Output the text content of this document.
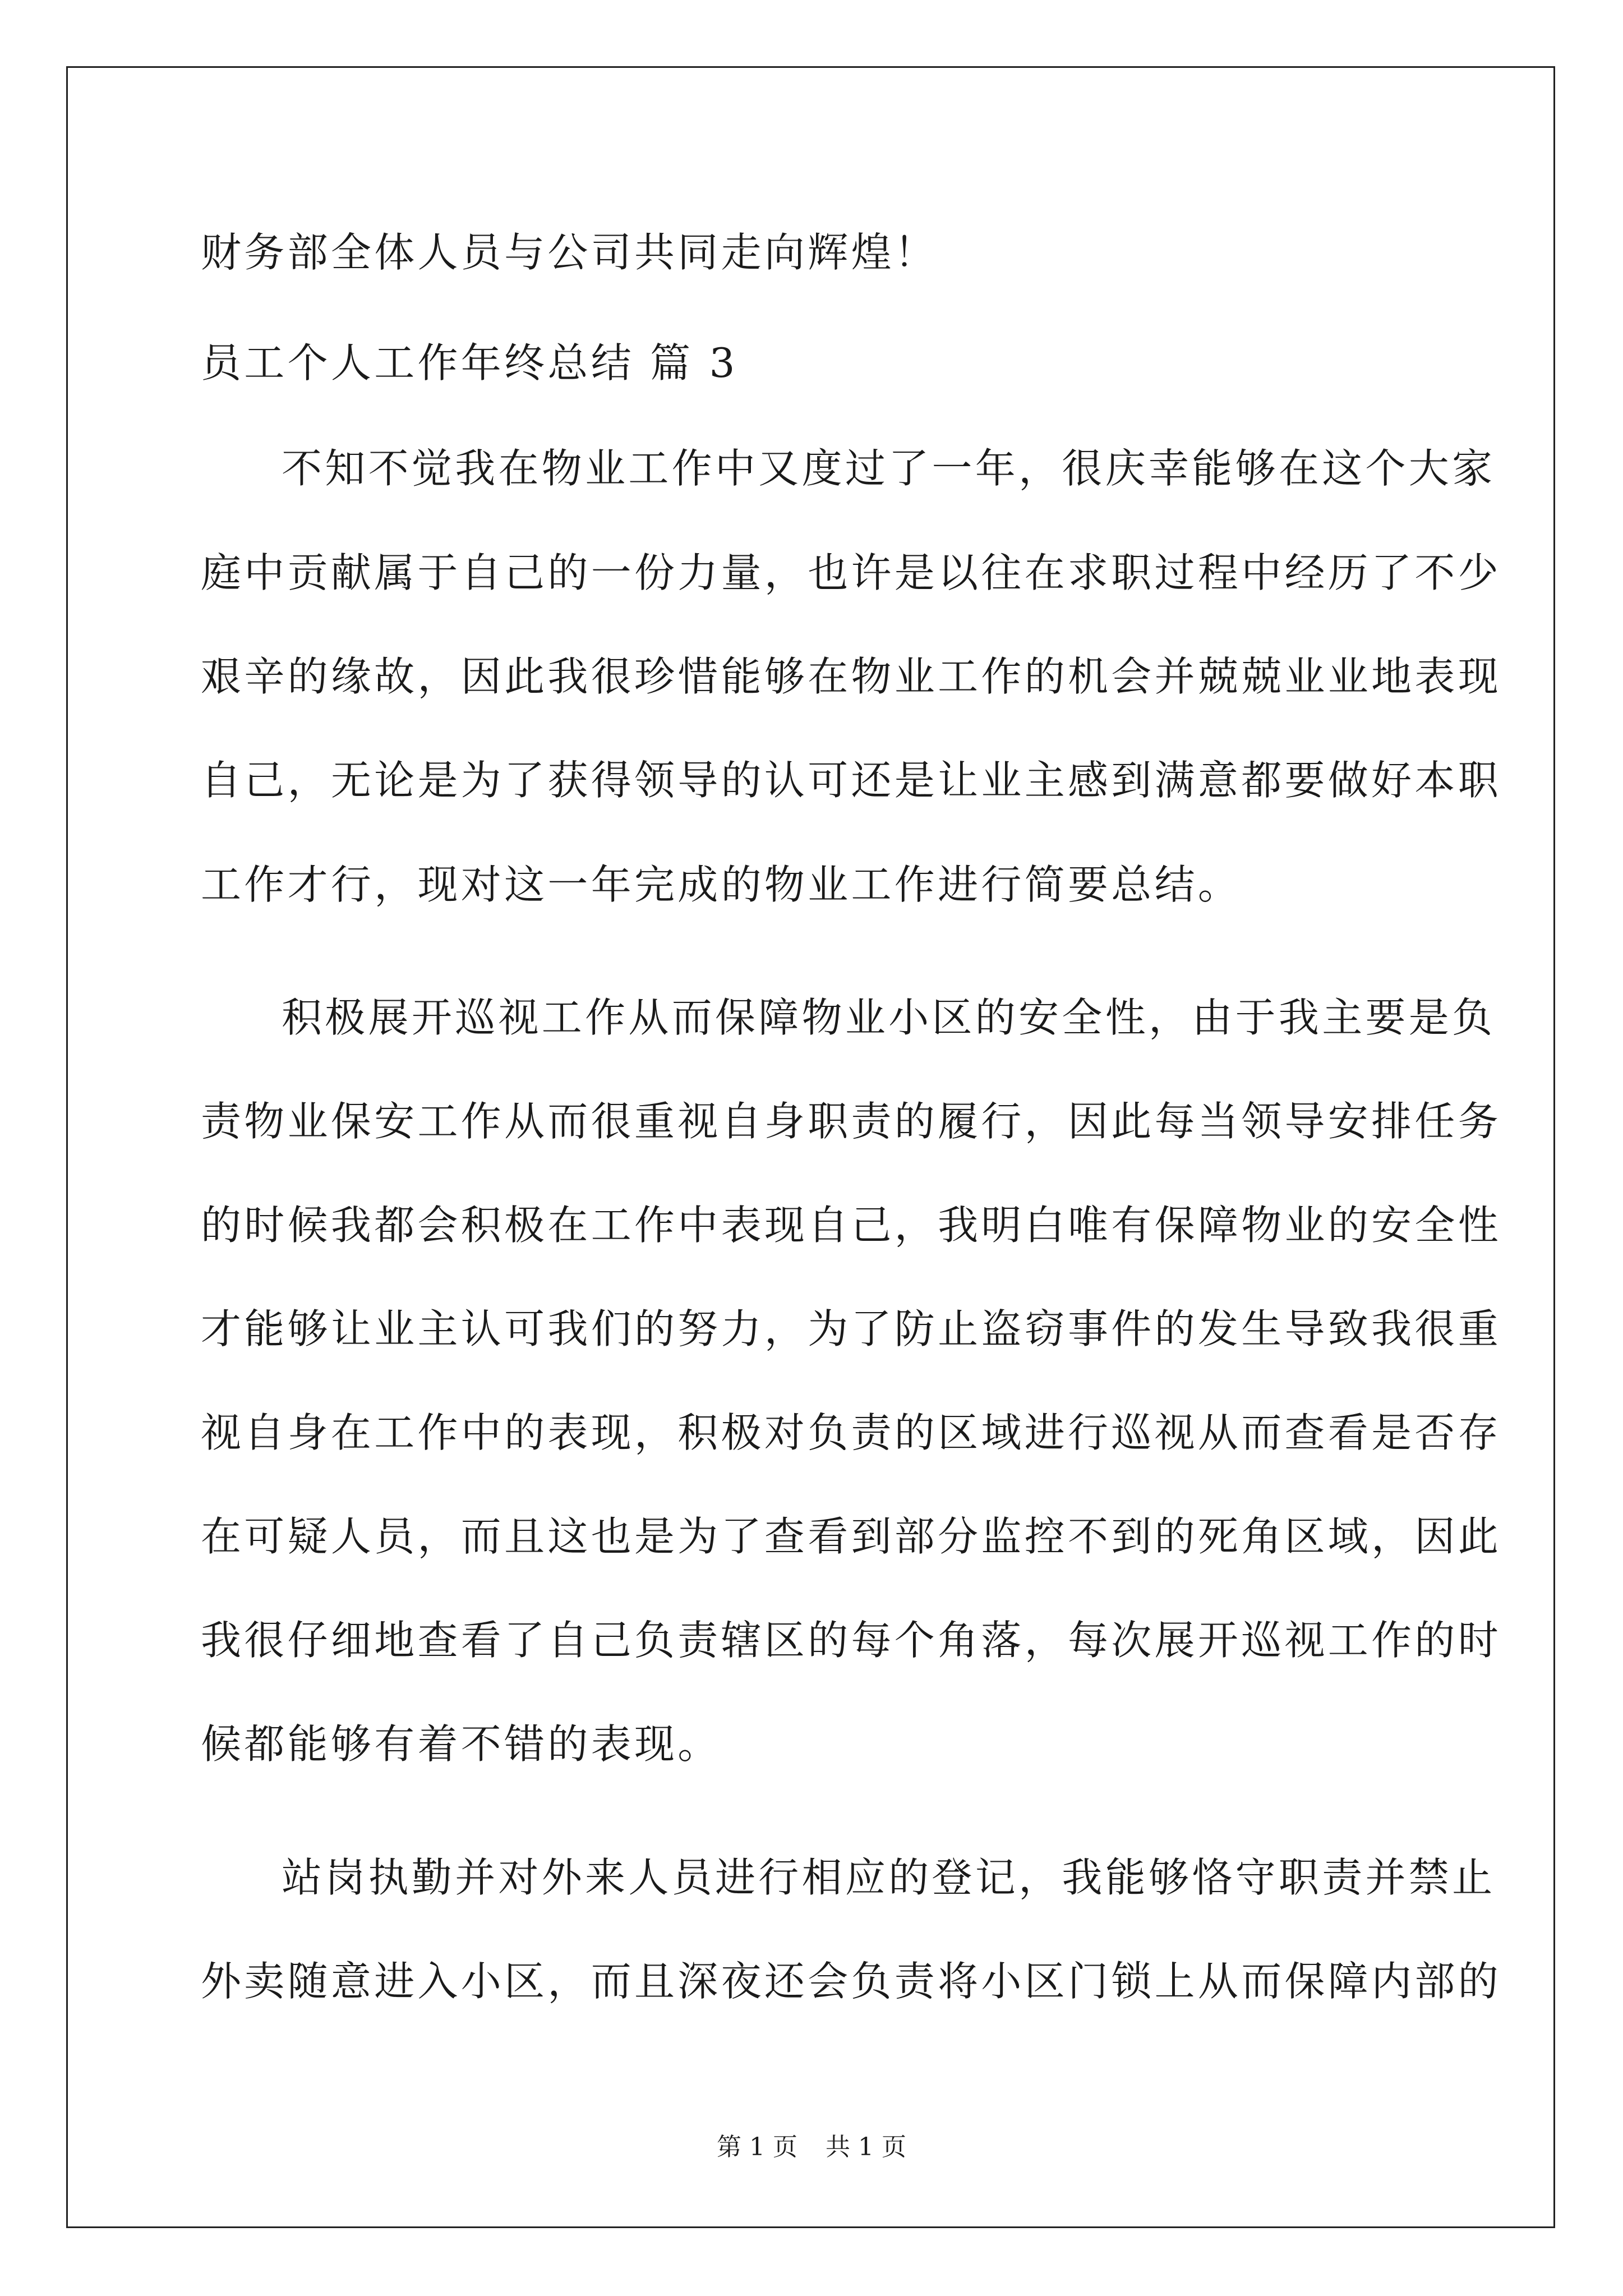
财务部全体人员与公司共同走向辉煌！
员工个人工作年终总结 篇 3
不知不觉我在物业工作中又度过了一年，很庆幸能够在这个大家
庭中贡献属于自己的一份力量，也许是以往在求职过程中经历了不少
艰辛的缘故，因此我很珍惜能够在物业工作的机会并兢兢业业地表现
自己，无论是为了获得领导的认可还是让业主感到满意都要做好本职
工作才行，现对这一年完成的物业工作进行简要总结。
积极展开巡视工作从而保障物业小区的安全性，由于我主要是负
责物业保安工作从而很重视自身职责的履行，因此每当领导安排任务
的时候我都会积极在工作中表现自己，我明白唯有保障物业的安全性
才能够让业主认可我们的努力，为了防止盗窃事件的发生导致我很重
视自身在工作中的表现，积极对负责的区域进行巡视从而查看是否存
在可疑人员，而且这也是为了查看到部分监控不到的死角区域，因此
我很仔细地查看了自己负责辖区的每个角落，每次展开巡视工作的时
候都能够有着不错的表现。
站岗执勤并对外来人员进行相应的登记，我能够恪守职责并禁止
外卖随意进入小区，而且深夜还会负责将小区门锁上从而保障内部的
第 1 页 共 1 页
